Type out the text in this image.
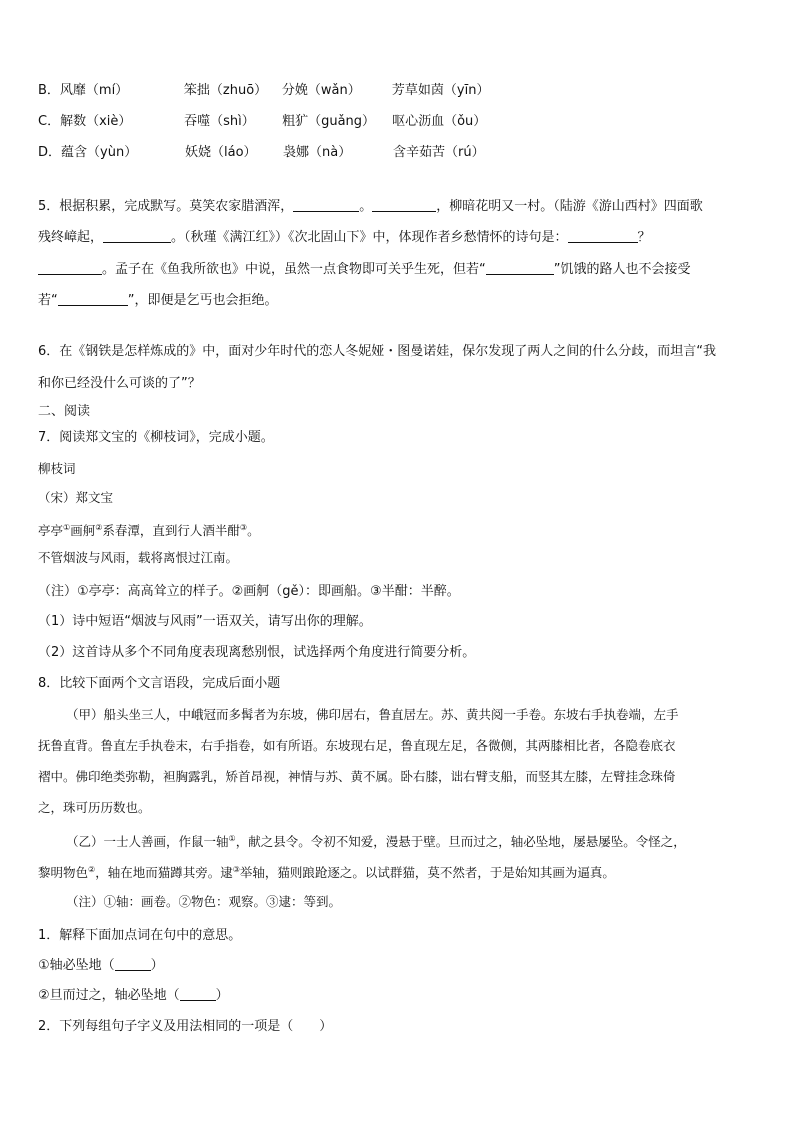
B． 风靡（mí）	笨拙（zhuō）	分娩（wǎn）	芳草如茵（yīn）
C． 解数（xiè）	吞噬（shì）	粗犷（guǎng）	呕心沥血（ǒu）
D． 蕴含（yùn）	妖娆（láo）	袅娜（nà）	含辛茹苦（rú）
5．根据积累，完成默写。莫笑农家腊酒浑，	。	，柳暗花明又一村。（陆游《游山西村》四面歌
残终嶂起，	。（秋瑾《满江红》）《次北固山下》中，体现作者乡愁情怀的诗句是：	？
。孟子在《鱼我所欲也》中说，虽然一点食物即可关乎生死，但若“	”饥饿的路人也不会接受
若“	”，即便是乞丐也会拒绝。
6．在《钢铁是怎样炼成的》中，面对少年时代的恋人冬妮娅・图曼诺娃，保尔发现了两人之间的什么分歧，而坦言“我
和你已经没什么可谈的了”？
二、阅读
7．阅读郑文宝的《柳枝词》，完成小题。
柳枝词
（宋）郑文宝
亭亭①画舸②系春潭，直到行人酒半酣③。
不管烟波与风雨，载将离恨过江南。
（注）①亭亭：高高耸立的样子。②画舸（gě）：即画船。③半酣：半醉。
（1）诗中短语“烟波与风雨”一语双关，请写出你的理解。
（2）这首诗从多个不同角度表现离愁别恨，试选择两个角度进行简要分析。
8．比较下面两个文言语段，完成后面小题
（甲）船头坐三人，中峨冠而多髯者为东坡，佛印居右，鲁直居左。苏、黄共阅一手卷。东坡右手执卷端，左手
抚鲁直背。鲁直左手执卷末，右手指卷，如有所语。东坡现右足，鲁直现左足，各微侧，其两膝相比者，各隐卷底衣
褶中。佛印绝类弥勒，袒胸露乳，矫首昂视，神情与苏、黄不属。卧右膝，诎右臂支船，而竖其左膝，左臂挂念珠倚
之，珠可历历数也。
（乙）一士人善画，作鼠一轴①，献之县令。令初不知爱，漫悬于壁。旦而过之，轴必坠地，屡悬屡坠。令怪之，
黎明物色②，轴在地而猫蹲其旁。逮③举轴，猫则踉跄逐之。以试群猫，莫不然者，于是始知其画为逼真。
（注）①轴：画卷。②物色：观察。③逮：等到。
1．解释下面加点词在句中的意思。
①轴必坠地（	）
②旦而过之，轴必坠地（	）
2．下列每组句子字义及用法相同的一项是（　　）
